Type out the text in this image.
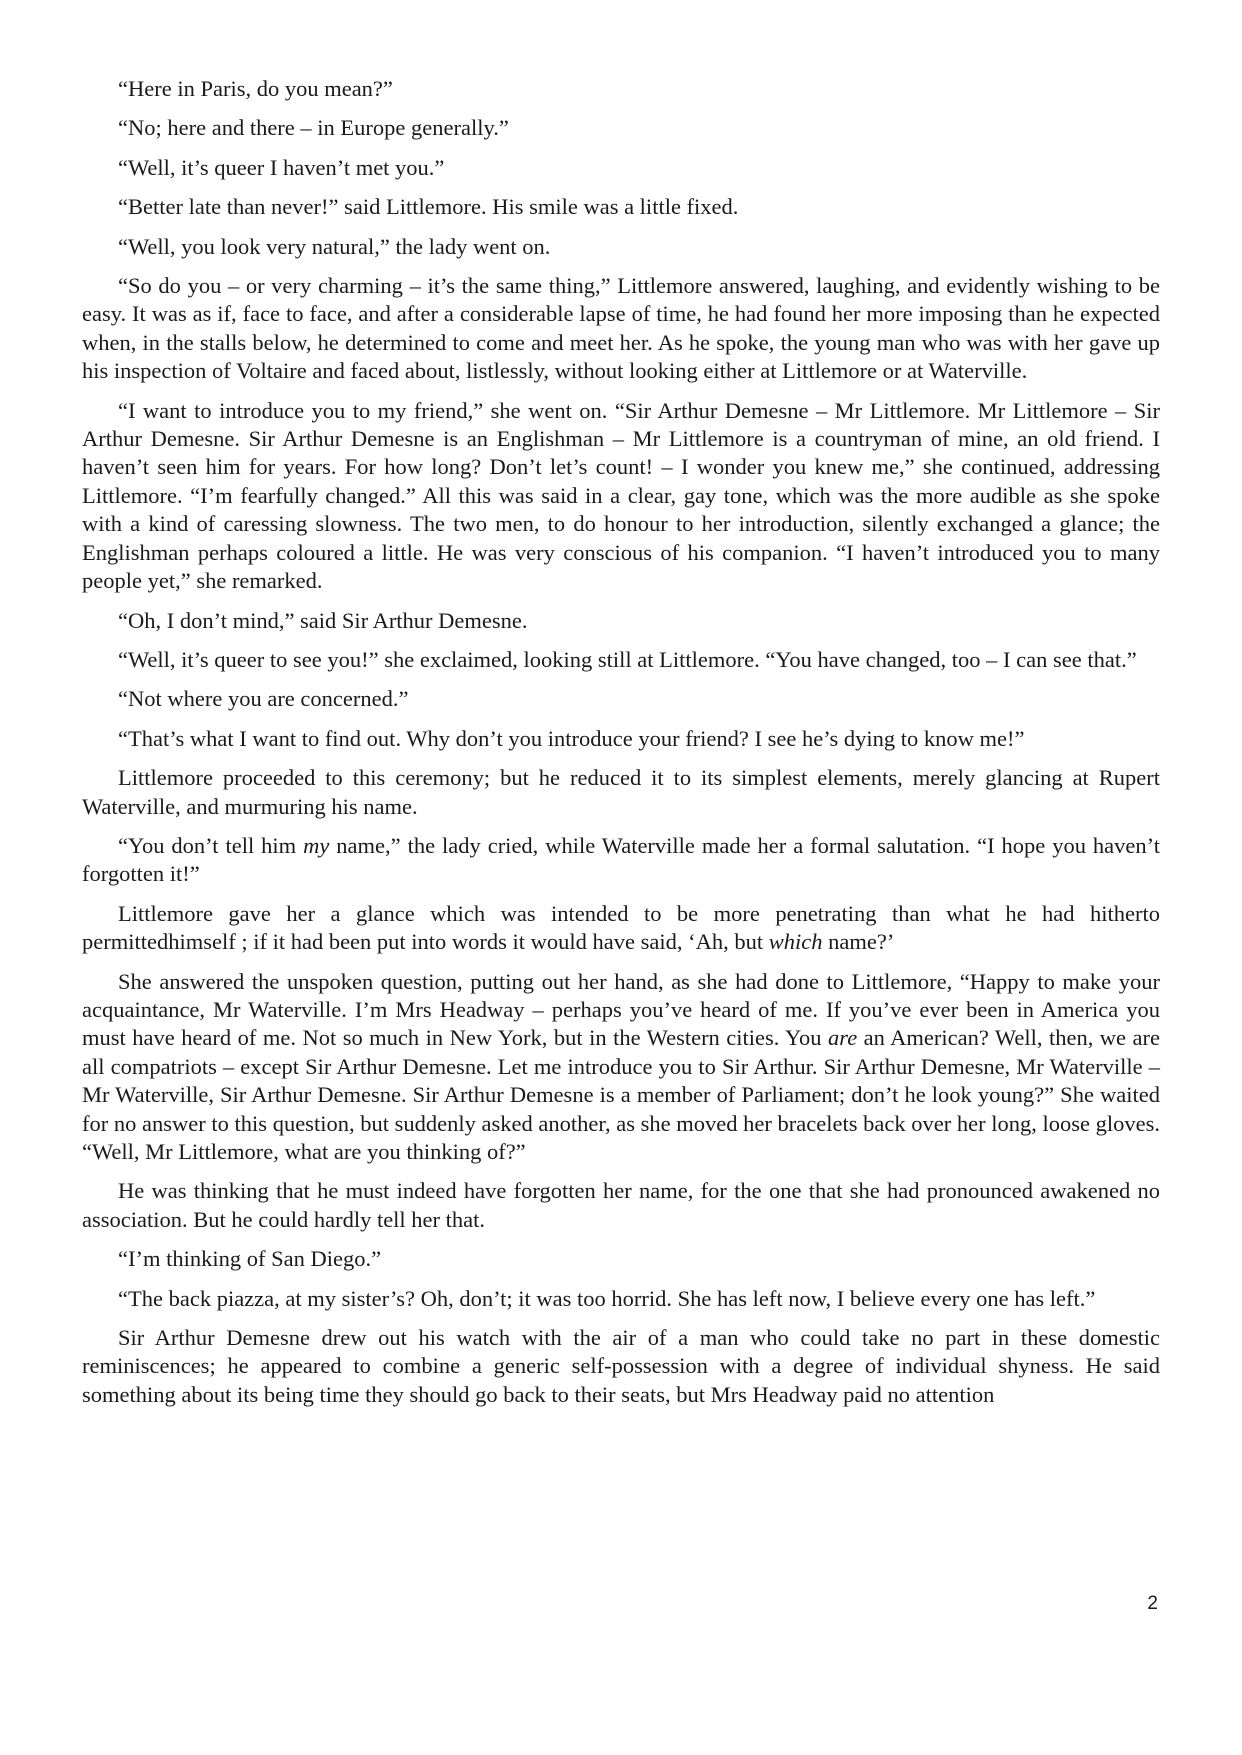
“Here in Paris, do you mean?”

“No; here and there – in Europe generally.”

“Well, it’s queer I haven’t met you.”

“Better late than never!” said Littlemore. His smile was a little fixed.

“Well, you look very natural,” the lady went on.

“So do you – or very charming – it’s the same thing,” Littlemore answered, laughing, and evidently wishing to be easy. It was as if, face to face, and after a considerable lapse of time, he had found her more imposing than he expected when, in the stalls below, he determined to come and meet her. As he spoke, the young man who was with her gave up his inspection of Voltaire and faced about, listlessly, without looking either at Littlemore or at Waterville.

“I want to introduce you to my friend,” she went on. “Sir Arthur Demesne – Mr Littlemore. Mr Littlemore – Sir Arthur Demesne. Sir Arthur Demesne is an Englishman – Mr Littlemore is a countryman of mine, an old friend. I haven’t seen him for years. For how long? Don’t let’s count! – I wonder you knew me,” she continued, addressing Littlemore. “I’m fearfully changed.” All this was said in a clear, gay tone, which was the more audible as she spoke with a kind of caressing slowness. The two men, to do honour to her introduction, silently exchanged a glance; the Englishman perhaps coloured a little. He was very conscious of his companion. “I haven’t introduced you to many people yet,” she remarked.

“Oh, I don’t mind,” said Sir Arthur Demesne.

“Well, it’s queer to see you!” she exclaimed, looking still at Littlemore. “You have changed, too – I can see that.”

“Not where you are concerned.”

“That’s what I want to find out. Why don’t you introduce your friend? I see he’s dying to know me!”

Littlemore proceeded to this ceremony; but he reduced it to its simplest elements, merely glancing at Rupert Waterville, and murmuring his name.

“You don’t tell him my name,” the lady cried, while Waterville made her a formal salutation. “I hope you haven’t forgotten it!”

Littlemore gave her a glance which was intended to be more penetrating than what he had hitherto permittedhimself ; if it had been put into words it would have said, ‘Ah, but which name?’

She answered the unspoken question, putting out her hand, as she had done to Littlemore, “Happy to make your acquaintance, Mr Waterville. I’m Mrs Headway – perhaps you’ve heard of me. If you’ve ever been in America you must have heard of me. Not so much in New York, but in the Western cities. You are an American? Well, then, we are all compatriots – except Sir Arthur Demesne. Let me introduce you to Sir Arthur. Sir Arthur Demesne, Mr Waterville – Mr Waterville, Sir Arthur Demesne. Sir Arthur Demesne is a member of Parliament; don’t he look young?” She waited for no answer to this question, but suddenly asked another, as she moved her bracelets back over her long, loose gloves. “Well, Mr Littlemore, what are you thinking of?”

He was thinking that he must indeed have forgotten her name, for the one that she had pronounced awakened no association. But he could hardly tell her that.

“I’m thinking of San Diego.”

“The back piazza, at my sister’s? Oh, don’t; it was too horrid. She has left now, I believe every one has left.”

Sir Arthur Demesne drew out his watch with the air of a man who could take no part in these domestic reminiscences; he appeared to combine a generic self-possession with a degree of individual shyness. He said something about its being time they should go back to their seats, but Mrs Headway paid no attention

2
